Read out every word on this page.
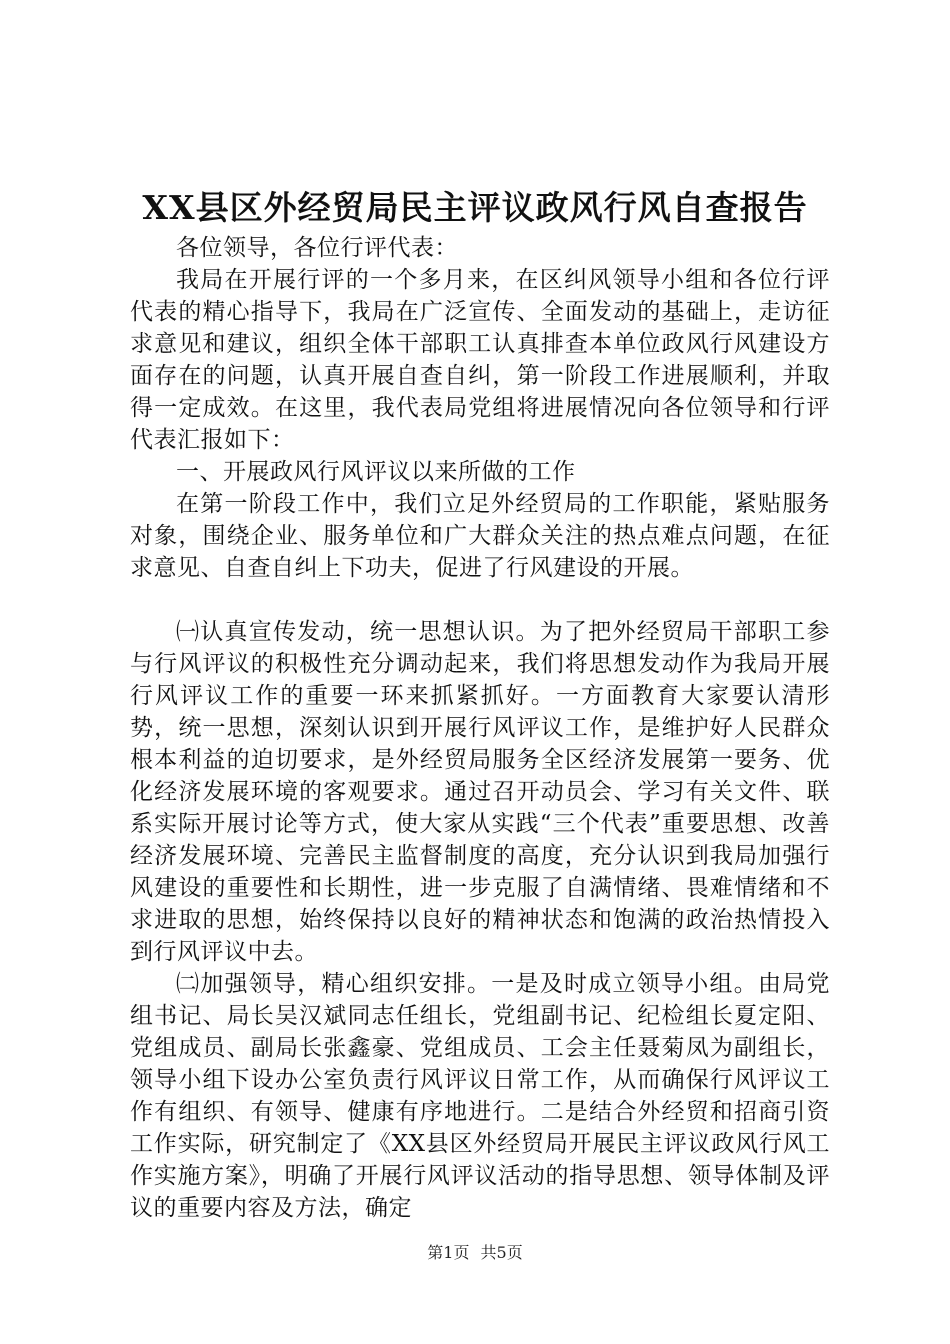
XX县区外经贸局民主评议政风行风自查报告

各位领导，各位行评代表：

我局在开展行评的一个多月来，在区纠风领导小组和各位行评代表的精心指导下，我局在广泛宣传、全面发动的基础上，走访征求意见和建议，组织全体干部职工认真排查本单位政风行风建设方面存在的问题，认真开展自查自纠，第一阶段工作进展顺利，并取得一定成效。在这里，我代表局党组将进展情况向各位领导和行评代表汇报如下：

一、开展政风行风评议以来所做的工作

在第一阶段工作中，我们立足外经贸局的工作职能，紧贴服务对象，围绕企业、服务单位和广大群众关注的热点难点问题，在征求意见、自查自纠上下功夫，促进了行风建设的开展。

㈠认真宣传发动，统一思想认识。为了把外经贸局干部职工参与行风评议的积极性充分调动起来，我们将思想发动作为我局开展行风评议工作的重要一环来抓紧抓好。一方面教育大家要认清形势，统一思想，深刻认识到开展行风评议工作，是维护好人民群众根本利益的迫切要求，是外经贸局服务全区经济发展第一要务、优化经济发展环境的客观要求。通过召开动员会、学习有关文件、联系实际开展讨论等方式，使大家从实践“三个代表”重要思想、改善经济发展环境、完善民主监督制度的高度，充分认识到我局加强行风建设的重要性和长期性，进一步克服了自满情绪、畏难情绪和不求进取的思想，始终保持以良好的精神状态和饱满的政治热情投入到行风评议中去。

㈡加强领导，精心组织安排。一是及时成立领导小组。由局党组书记、局长吴汉斌同志任组长，党组副书记、纪检组长夏定阳、党组成员、副局长张鑫豪、党组成员、工会主任聂菊凤为副组长，领导小组下设办公室负责行风评议日常工作，从而确保行风评议工作有组织、有领导、健康有序地进行。二是结合外经贸和招商引资工作实际，研究制定了《XX县区外经贸局开展民主评议政风行风工作实施方案》，明确了开展行风评议活动的指导思想、领导体制及评议的重要内容及方法，确定

第1页 共5页
